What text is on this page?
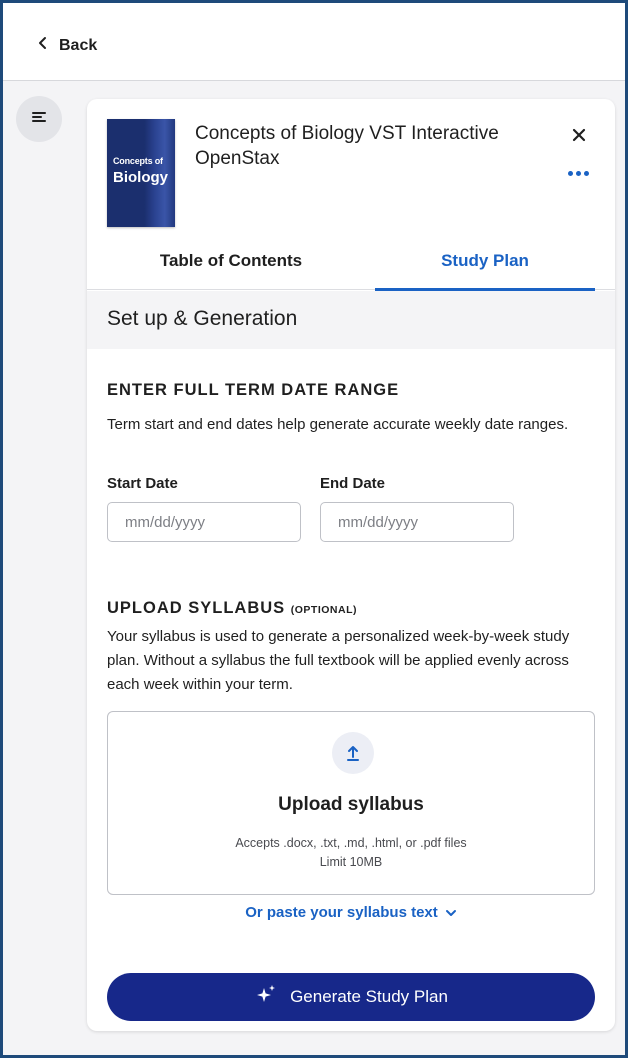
Back
Concepts of
Biology
Concepts of Biology VST Interactive OpenStax
Table of Contents	Study Plan
Set up & Generation
ENTER FULL TERM DATE RANGE
Term start and end dates help generate accurate weekly date ranges.
Start Date	End Date
mm/dd/yyyy
mm/dd/yyyy
UPLOAD SYLLABUS (OPTIONAL)
Your syllabus is used to generate a personalized week-by-week study plan. Without a syllabus the full textbook will be applied evenly across each week within your term.
Upload syllabus
Accepts .docx, .txt, .md, .html, or .pdf files
Limit 10MB
Or paste your syllabus text
Generate Study Plan
